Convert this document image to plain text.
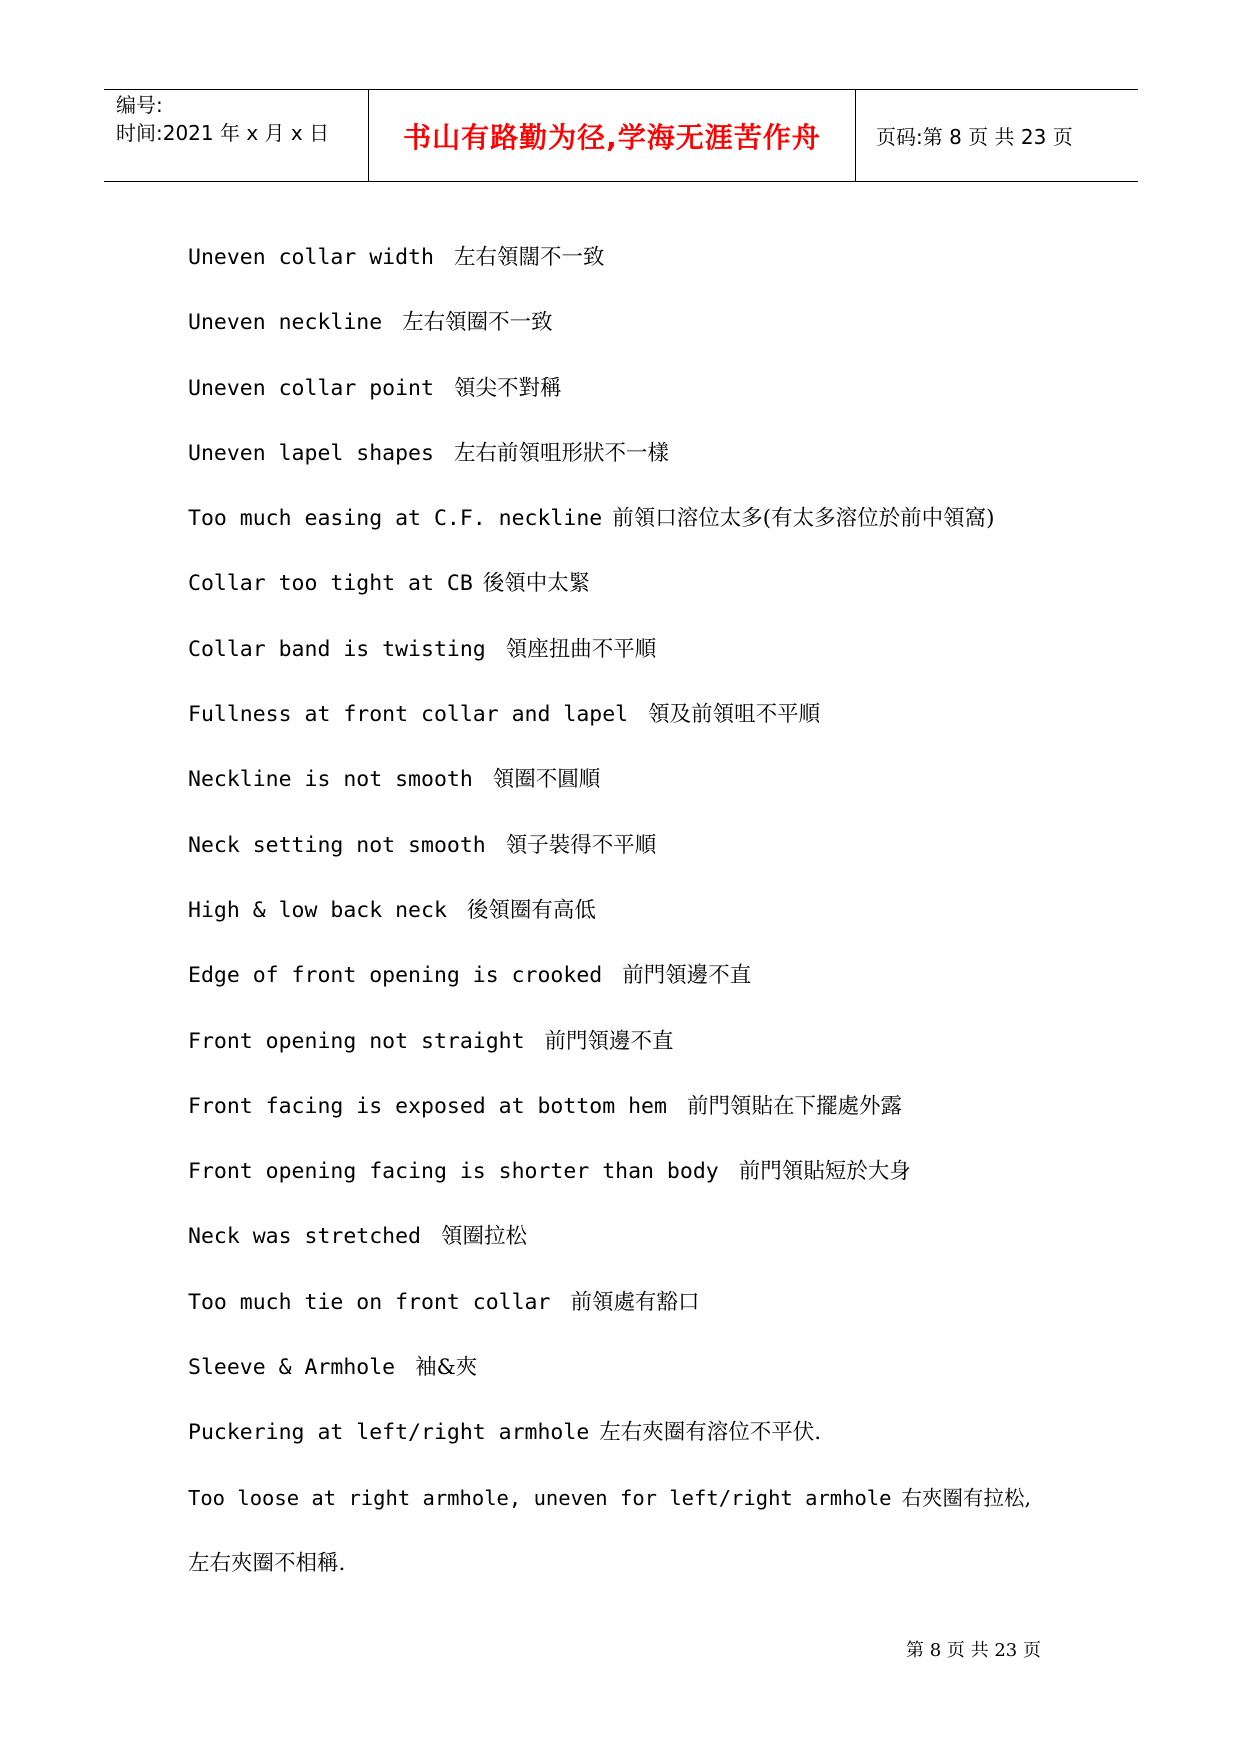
编号:
时间:2021 年 x 月 x 日	书山有路勤为径,学海无涯苦作舟	页码:第 8 页 共 23 页
Uneven collar width 左右領闊不一致
Uneven neckline 左右領圈不一致
Uneven collar point 領尖不對稱
Uneven lapel shapes 左右前領咀形狀不一樣
Too much easing at C.F. neckline 前領口溶位太多(有太多溶位於前中領窩)
Collar too tight at CB 後領中太緊
Collar band is twisting 領座扭曲不平順
Fullness at front collar and lapel 領及前領咀不平順
Neckline is not smooth 領圈不圓順
Neck setting not smooth 領子裝得不平順
High & low back neck 後領圈有高低
Edge of front opening is crooked 前門領邊不直
Front opening not straight 前門領邊不直
Front facing is exposed at bottom hem 前門領貼在下擺處外露
Front opening facing is shorter than body 前門領貼短於大身
Neck was stretched 領圈拉松
Too much tie on front collar 前領處有豁口
Sleeve & Armhole 袖&夾
Puckering at left/right armhole 左右夾圈有溶位不平伏.
Too loose at right armhole, uneven for left/right armhole 右夾圈有拉松,
左右夾圈不相稱.
第 8 页 共 23 页
